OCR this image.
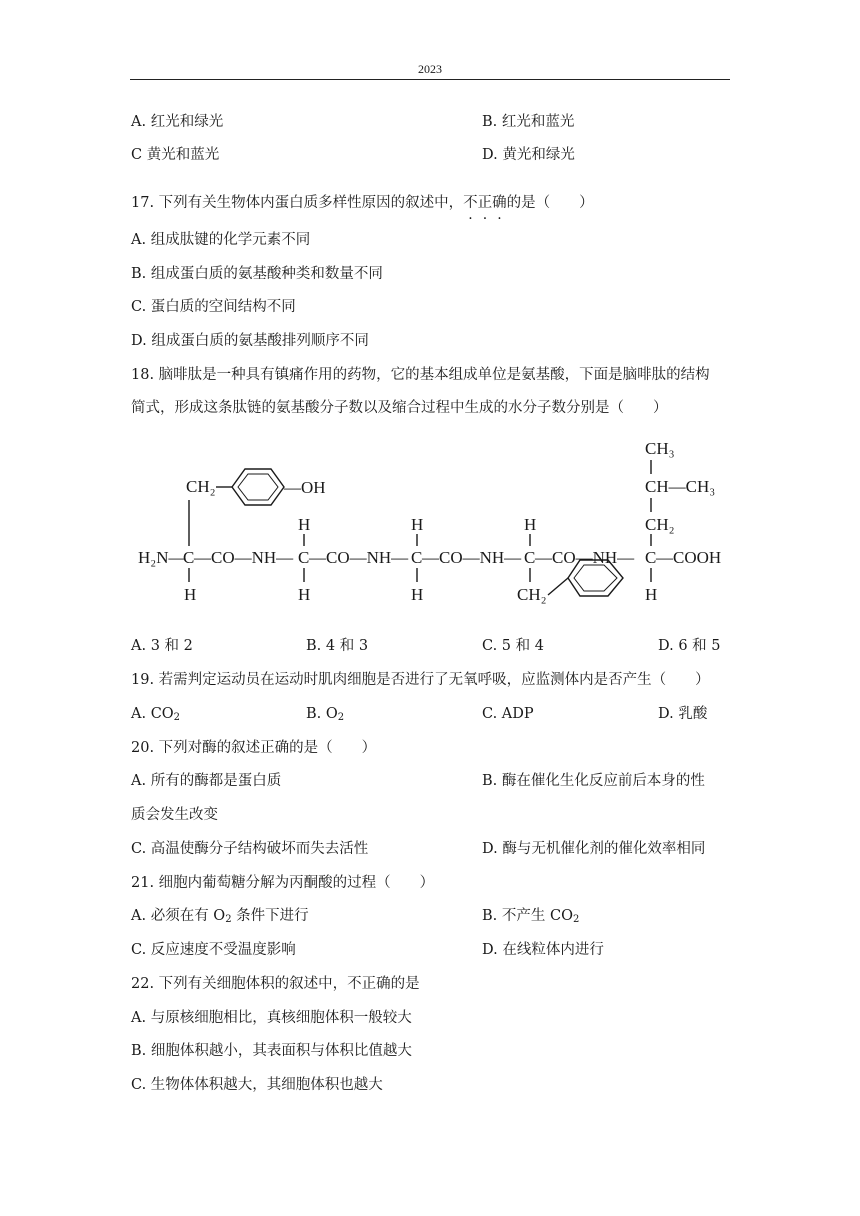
2023
A. 红光和绿光	B. 红光和蓝光
C 黄光和蓝光	D. 黄光和绿光
17. 下列有关生物体内蛋白质多样性原因的叙述中，不正确的是（　　）
A. 组成肽键的化学元素不同
B. 组成蛋白质的氨基酸种类和数量不同
C. 蛋白质的空间结构不同
D. 组成蛋白质的氨基酸排列顺序不同
18. 脑啡肽是一种具有镇痛作用的药物，它的基本组成单位是氨基酸，下面是脑啡肽的结构
简式，形成这条肽链的氨基酸分子数以及缩合过程中生成的水分子数分别是（　　）
H₂N—
C —CO—NH— C —CO—NH— C —CO—NH— C —CO—NH— C —COOH
CH₂	—OH
H
H
H
H
H
H
CH₂
CH₃
CH—CH₃
CH₂
H
A. 3 和 2	B. 4 和 3	C. 5 和 4	D. 6 和 5
19. 若需判定运动员在运动时肌肉细胞是否进行了无氧呼吸，应监测体内是否产生（　　）
A. $CO_2$	B. $O_2$	C. ADP	D. 乳酸
20. 下列对酶的叙述正确的是（　　）
A. 所有的酶都是蛋白质	B. 酶在催化生化反应前后本身的性
质会发生改变
C. 高温使酶分子结构破坏而失去活性	D. 酶与无机催化剂的催化效率相同
21. 细胞内葡萄糖分解为丙酮酸的过程（　　）
A. 必须在有 $O_2$ 条件下进行	B. 不产生 $CO_2$
C. 反应速度不受温度影响	D. 在线粒体内进行
22. 下列有关细胞体积的叙述中，不正确的是
A. 与原核细胞相比，真核细胞体积一般较大
B. 细胞体积越小，其表面积与体积比值越大
C. 生物体体积越大，其细胞体积也越大
